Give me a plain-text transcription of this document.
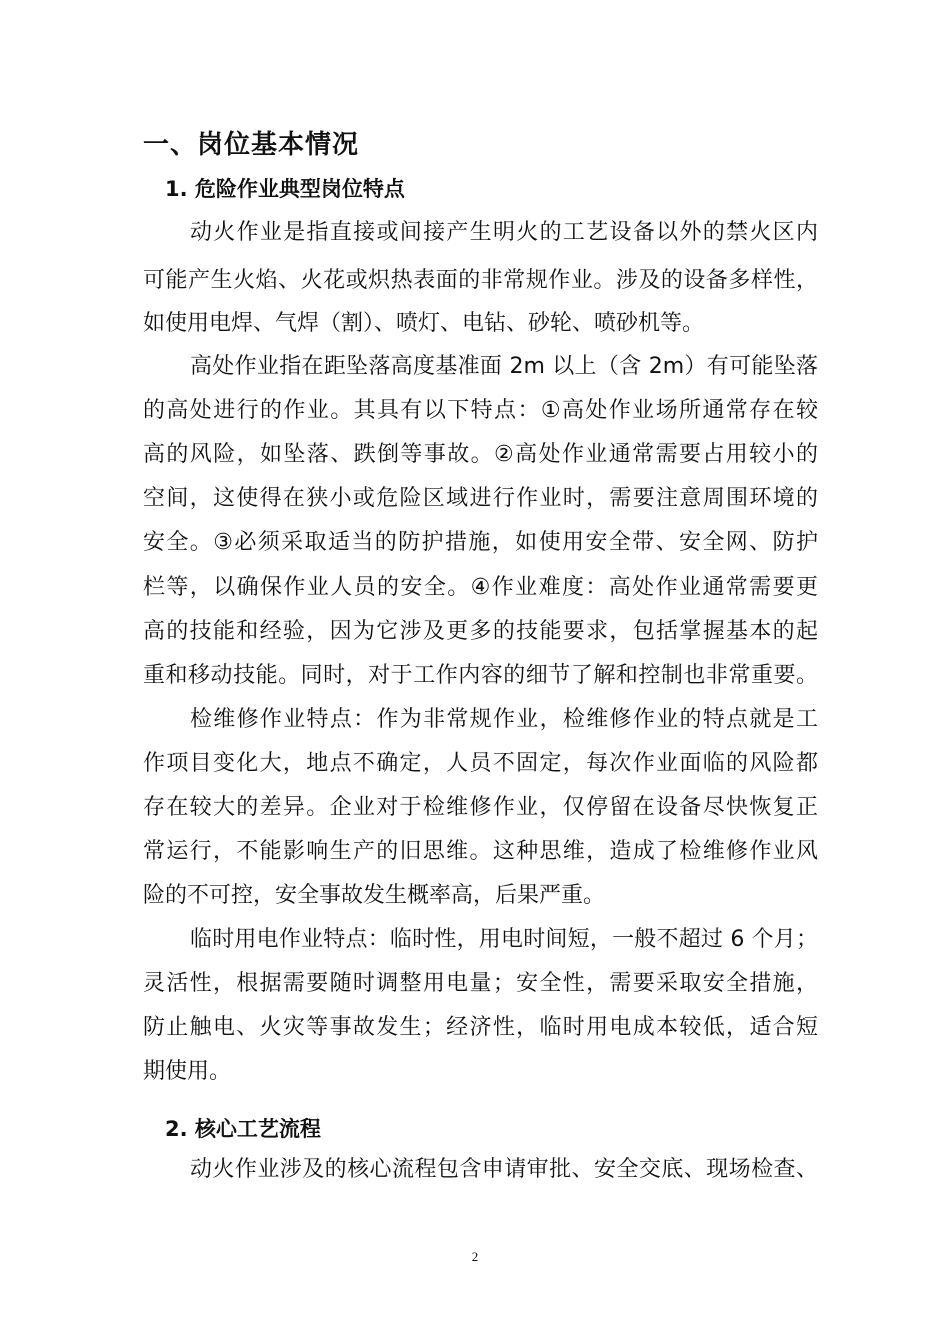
一、岗位基本情况
1. 危险作业典型岗位特点
动火作业是指直接或间接产生明火的工艺设备以外的禁火区内
可能产生火焰、火花或炽热表面的非常规作业。涉及的设备多样性，
如使用电焊、气焊（割）、喷灯、电钻、砂轮、喷砂机等。
高处作业指在距坠落高度基准面 2m 以上（含 2m）有可能坠落
的高处进行的作业。其具有以下特点：①高处作业场所通常存在较
高的风险，如坠落、跌倒等事故。②高处作业通常需要占用较小的
空间，这使得在狭小或危险区域进行作业时，需要注意周围环境的
安全。③必须采取适当的防护措施，如使用安全带、安全网、防护
栏等，以确保作业人员的安全。④作业难度：高处作业通常需要更
高的技能和经验，因为它涉及更多的技能要求，包括掌握基本的起
重和移动技能。同时，对于工作内容的细节了解和控制也非常重要。
检维修作业特点：作为非常规作业，检维修作业的特点就是工
作项目变化大，地点不确定，人员不固定，每次作业面临的风险都
存在较大的差异。企业对于检维修作业，仅停留在设备尽快恢复正
常运行，不能影响生产的旧思维。这种思维，造成了检维修作业风
险的不可控，安全事故发生概率高，后果严重。
临时用电作业特点：临时性，用电时间短，一般不超过 6 个月；
灵活性，根据需要随时调整用电量；安全性，需要采取安全措施，
防止触电、火灾等事故发生；经济性，临时用电成本较低，适合短
期使用。
2. 核心工艺流程
动火作业涉及的核心流程包含申请审批、安全交底、现场检查、
2
